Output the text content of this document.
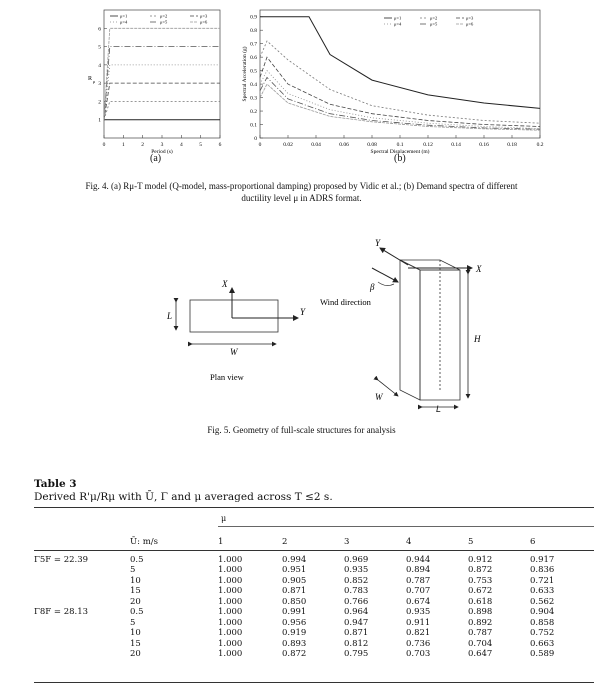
0	1	2	3	4	5	6
1
2
3
4
5
6
Period (s)
R μ
μ=1	μ=2	μ=3
μ=4	μ=5	μ=6
0	0.02	0.04	0.06	0.08	0.1	0.12	0.14	0.16	0.18	0.2
0
0.1
0.2
0.3
0.4
0.5
0.6
0.7
0.8
0.9
Spectral Displacement (m)
Spectral Acceleration (g)
μ=1	μ=2	μ=3
μ=4	μ=5	μ=6
(a)	(b)
Fig. 4. (a) Rμ-T model (Q-model, mass-proportional damping) proposed by Vidic et al.; (b) Demand spectra of different
ductility level μ in ADRS format.
X
Y
L
W
Plan view
Y
X
β
Wind direction
H
W
L
Fig. 5. Geometry of full-scale structures for analysis
Table 3
Derived R'μ/Rμ with Ū, Γ and μ averaged across T ≤2 s.
μ
	Ū: m/s	1	2	3	4	5	6

Γ5F = 22.39	0.5	1.000	0.994	0.969	0.944	0.912	0.917
	5	1.000	0.951	0.935	0.894	0.872	0.836
	10	1.000	0.905	0.852	0.787	0.753	0.721
	15	1.000	0.871	0.783	0.707	0.672	0.633
	20	1.000	0.850	0.766	0.674	0.618	0.562
Γ8F = 28.13	0.5	1.000	0.991	0.964	0.935	0.898	0.904
	5	1.000	0.956	0.947	0.911	0.892	0.858
	10	1.000	0.919	0.871	0.821	0.787	0.752
	15	1.000	0.893	0.812	0.736	0.704	0.663
	20	1.000	0.872	0.795	0.703	0.647	0.589
